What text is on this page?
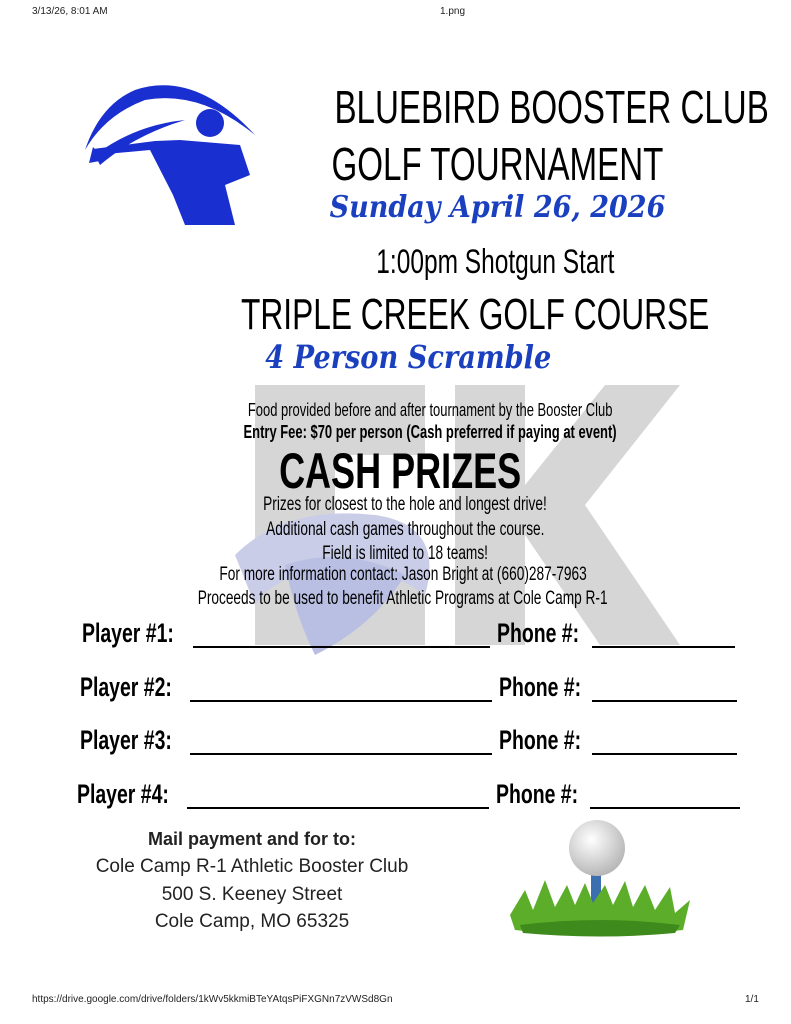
3/13/26, 8:01 AM	1.png
BLUEBIRD BOOSTER CLUB
GOLF TOURNAMENT
Sunday April 26, 2026
1:00pm Shotgun Start
TRIPLE CREEK GOLF COURSE
4 Person Scramble
Food provided before and after tournament by the Booster Club
Entry Fee: $70 per person (Cash preferred if paying at event)
CASH PRIZES
Prizes for closest to the hole and longest drive!
Additional cash games throughout the course.
Field is limited to 18 teams!
For more information contact: Jason Bright at (660)287-7963
Proceeds to be used to benefit Athletic Programs at Cole Camp R-1
Player #1:	Phone #:
Player #2:	Phone #:
Player #3:	Phone #:
Player #4:	Phone #:
Mail payment and for to:
Cole Camp R-1 Athletic Booster Club
500 S. Keeney Street
Cole Camp, MO 65325
https://drive.google.com/drive/folders/1kWv5kkmiBTeYAtqsPiFXGNn7zVWSd8Gn	1/1
